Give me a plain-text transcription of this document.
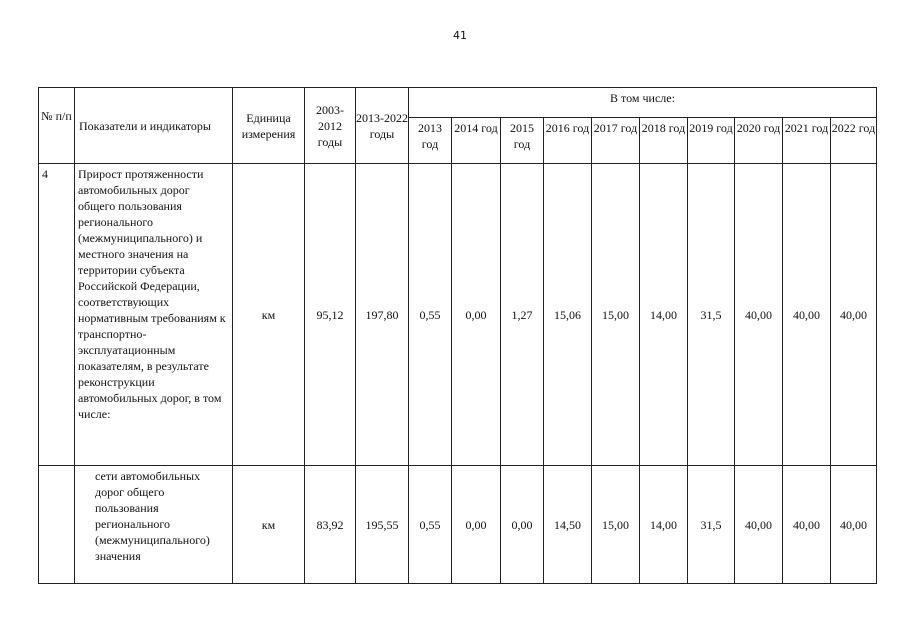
41
№ п/п	Показатели и индикаторы	Единица измерения	2003-2012 годы	2013-2022 годы	В том числе:									
					2013 год	2014 год	2015 год	2016 год	2017 год	2018 год	2019 год	2020 год	2021 год	2022 год
4	Прирост протяженности автомобильных дорог общего пользования регионального (межмуниципального) и местного значения на территории субъекта Российской Федерации, соответствующих нормативным требованиям к транспортно-эксплуатационным показателям, в результате реконструкции автомобильных дорог, в том числе:	км	95,12	197,80	0,55	0,00	1,27	15,06	15,00	14,00	31,5	40,00	40,00	40,00
	сети автомобильных дорог общего пользования регионального (межмуниципального) значения	км	83,92	195,55	0,55	0,00	0,00	14,50	15,00	14,00	31,5	40,00	40,00	40,00
